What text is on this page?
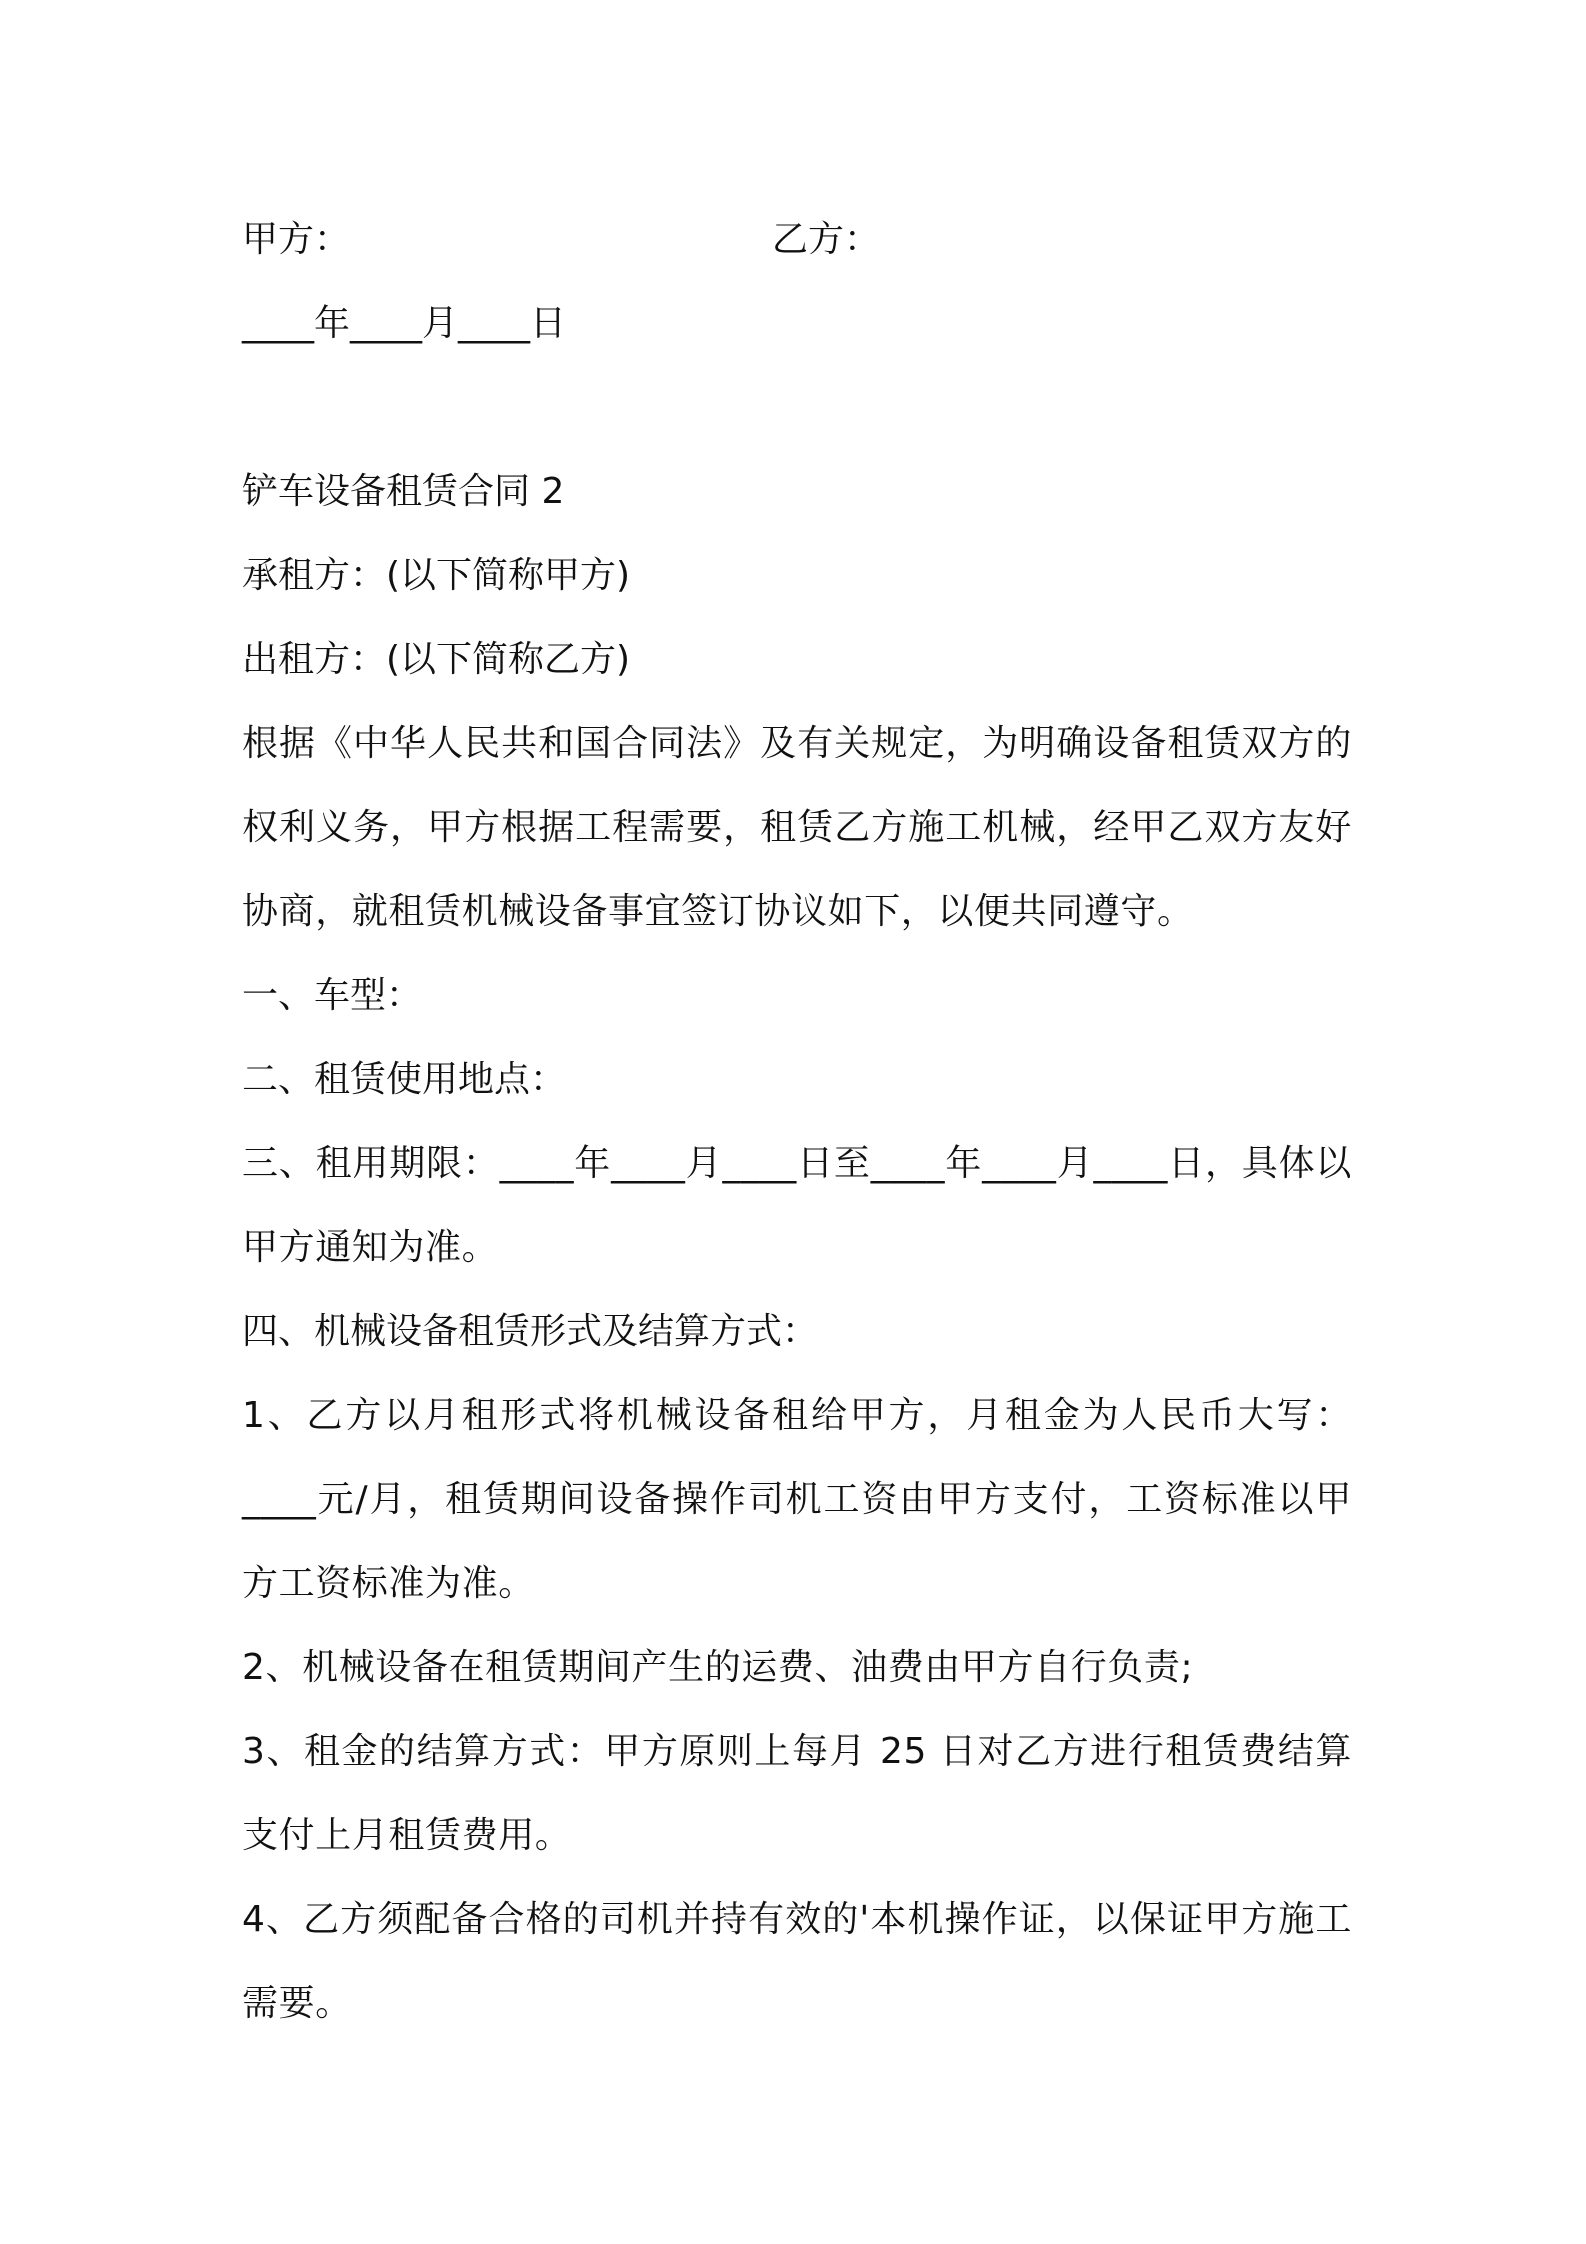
甲方：	乙方：
____年____月____日
铲车设备租赁合同 2
承租方：(以下简称甲方)
出租方：(以下简称乙方)
根据《中华人民共和国合同法》及有关规定，为明确设备租赁双方的权利义务，甲方根据工程需要，租赁乙方施工机械，经甲乙双方友好协商，就租赁机械设备事宜签订协议如下，以便共同遵守。
一、车型：
二、租赁使用地点：
三、租用期限：____年____月____日至____年____月____日，具体以甲方通知为准。
四、机械设备租赁形式及结算方式：
1、乙方以月租形式将机械设备租给甲方，月租金为人民币大写：____元/月，租赁期间设备操作司机工资由甲方支付，工资标准以甲方工资标准为准。
2、机械设备在租赁期间产生的运费、油费由甲方自行负责;
3、租金的结算方式：甲方原则上每月 25 日对乙方进行租赁费结算支付上月租赁费用。
4、乙方须配备合格的司机并持有效的'本机操作证，以保证甲方施工需要。
